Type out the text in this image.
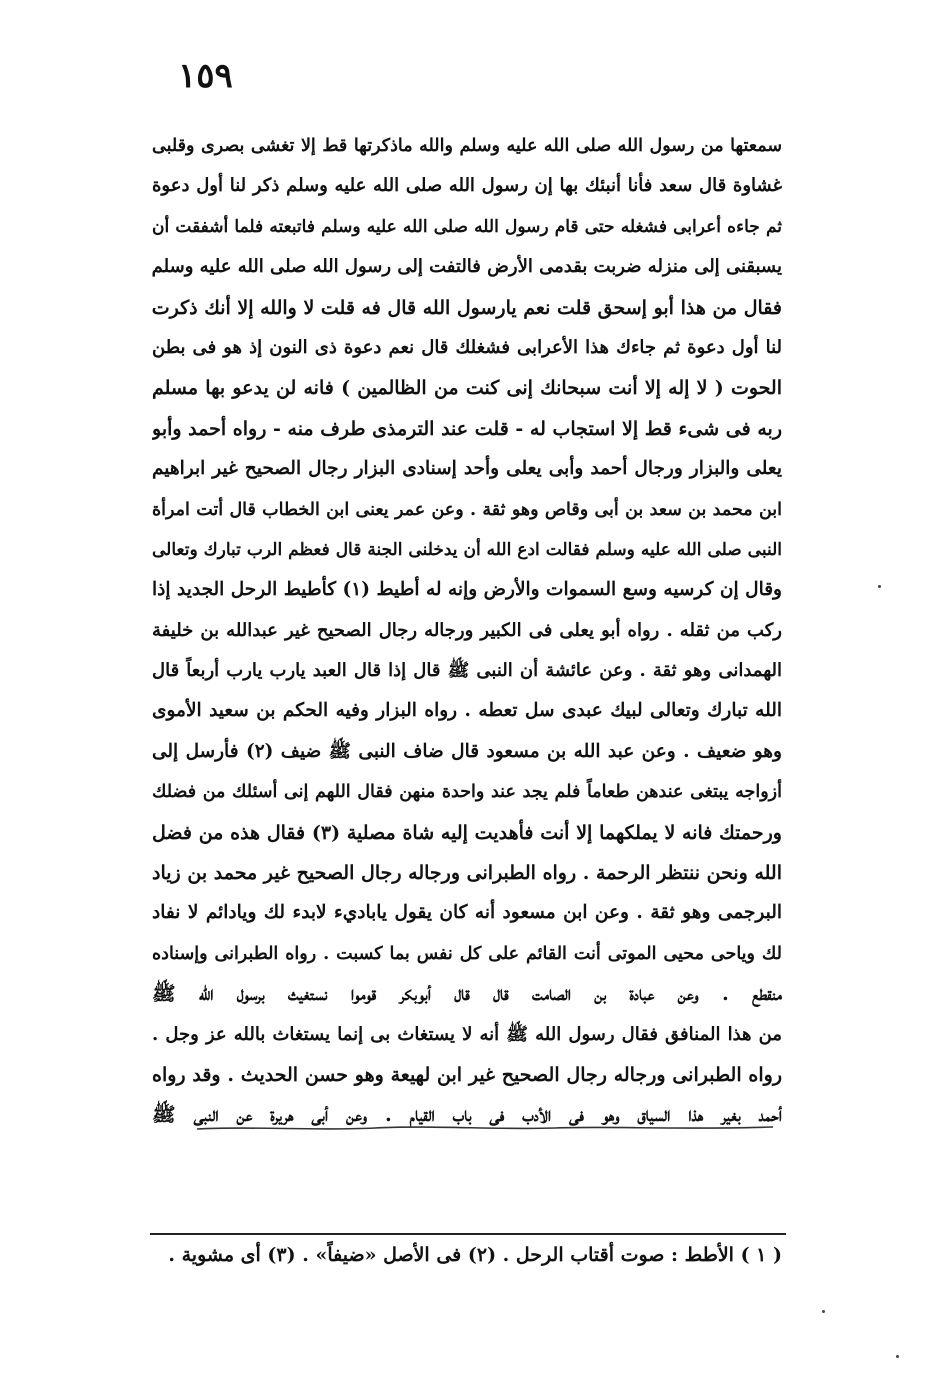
١٥٩
سمعتها من رسول الله صلى الله عليه وسلم والله ماذكرتها قط إلا تغشى بصرى وقلبى
غشاوة قال سعد فأنا أنبئك بها إن رسول الله صلى الله عليه وسلم ذكر لنا أول دعوة
ثم جاءه أعرابى فشغله حتى قام رسول الله صلى الله عليه وسلم فاتبعته فلما أشفقت أن
يسبقنى إلى منزله ضربت بقدمى الأرض فالتفت إلى رسول الله صلى الله عليه وسلم
فقال من هذا أبو إسحق قلت نعم يارسول الله قال فه قلت لا والله إلا أنك ذكرت
لنا أول دعوة ثم جاءك هذا الأعرابى فشغلك قال نعم دعوة ذى النون إذ هو فى بطن
الحوت ( لا إله إلا أنت سبحانك إنى كنت من الظالمين ) فانه لن يدعو بها مسلم
ربه فى شىء قط إلا استجاب له - قلت عند الترمذى طرف منه - رواه أحمد وأبو
يعلى والبزار ورجال أحمد وأبى يعلى وأحد إسنادى البزار رجال الصحيح غير ابراهيم
ابن محمد بن سعد بن أبى وقاص وهو ثقة . وعن عمر يعنى ابن الخطاب قال أتت امرأة
النبى صلى الله عليه وسلم فقالت ادع الله أن يدخلنى الجنة قال فعظم الرب تبارك وتعالى
وقال إن كرسيه وسع السموات والأرض وإنه له أطيط (١) كأطيط الرحل الجديد إذا
ركب من ثقله . رواه أبو يعلى فى الكبير ورجاله رجال الصحيح غير عبدالله بن خليفة
الهمدانى وهو ثقة . وعن عائشة أن النبى ﷺ قال إذا قال العبد يارب يارب أربعاً قال
الله تبارك وتعالى لبيك عبدى سل تعطه . رواه البزار وفيه الحكم بن سعيد الأموى
وهو ضعيف . وعن عبد الله بن مسعود قال ضاف النبى ﷺ ضيف (٢) فأرسل إلى
أزواجه يبتغى عندهن طعاماً فلم يجد عند واحدة منهن فقال اللهم إنى أسئلك من فضلك
ورحمتك فانه لا يملكهما إلا أنت فأهديت إليه شاة مصلية (٣) فقال هذه من فضل
الله ونحن ننتظر الرحمة . رواه الطبرانى ورجاله رجال الصحيح غير محمد بن زياد
البرجمى وهو ثقة . وعن ابن مسعود أنه كان يقول ياباديء لابدء لك ويادائم لا نفاد
لك وياحى محيى الموتى أنت القائم على كل نفس بما كسبت . رواه الطبرانى وإسناده
منقطع . وعن عبادة بن الصامت قال قال أبوبكر قوموا نستغيث برسول الله ﷺ
من هذا المنافق فقال رسول الله ﷺ أنه لا يستغاث بى إنما يستغاث بالله عز وجل .
رواه الطبرانى ورجاله رجال الصحيح غير ابن لهيعة وهو حسن الحديث . وقد رواه
أحمد بغير هذا السياق وهو فى الأدب فى باب القيام . وعن أبى هريرة عن النبى ﷺ
( ١ ) الأطط : صوت أقتاب الرحل . (٢) فى الأصل «ضيفاً» . (٣) أى مشوية .
